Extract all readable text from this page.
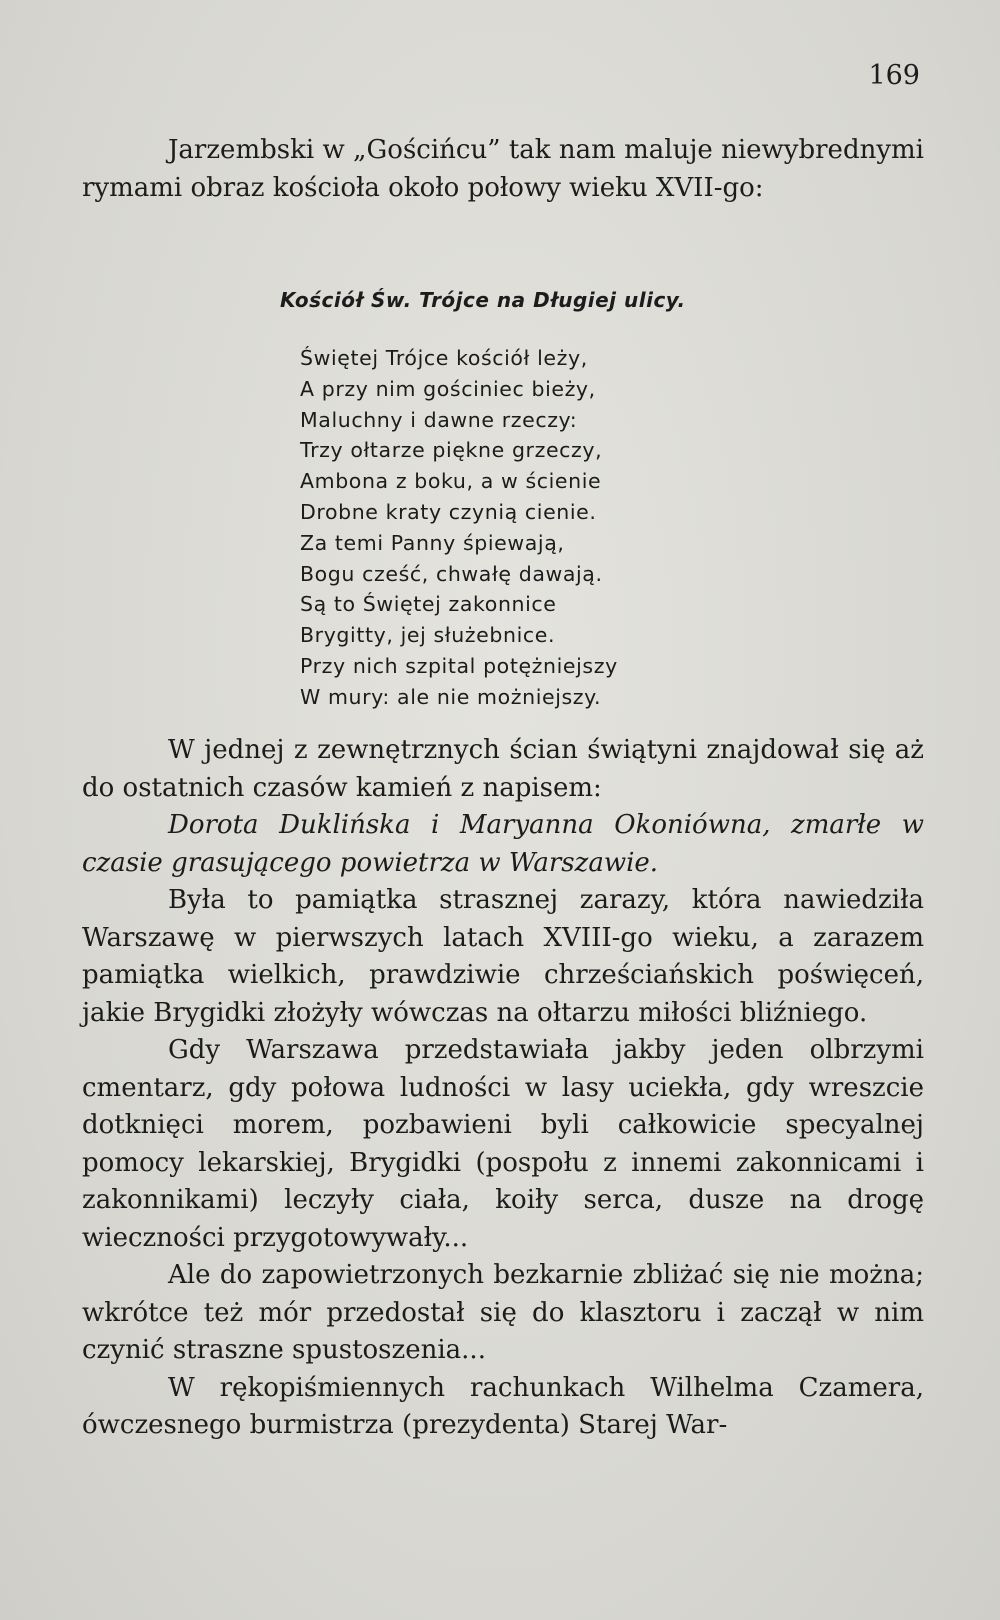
169

Jarzembski w „Gościńcu” tak nam maluje niewybrednymi rymami obraz kościoła około połowy wieku XVII-go:

Kościół Św. Trójce na Długiej ulicy.
Świętej Trójce kościół leży,
A przy nim gościniec bieży,
Maluchny i dawne rzeczy:
Trzy ołtarze piękne grzeczy,
Ambona z boku, a w ścienie
Drobne kraty czynią cienie.
Za temi Panny śpiewają,
Bogu cześć, chwałę dawają.
Są to Świętej zakonnice
Brygitty, jej służebnice.
Przy nich szpital potężniejszy
W mury: ale nie możniejszy.

W jednej z zewnętrznych ścian świątyni znajdował się aż do ostatnich czasów kamień z napisem:

Dorota Duklińska i Maryanna Okoniówna, zmarłe w czasie grasującego powietrza w Warszawie.

Była to pamiątka strasznej zarazy, która nawiedziła Warszawę w pierwszych latach XVIII-go wieku, a zarazem pamiątka wielkich, prawdziwie chrześciańskich poświęceń, jakie Brygidki złożyły wówczas na ołtarzu miłości bliźniego.

Gdy Warszawa przedstawiała jakby jeden olbrzymi cmentarz, gdy połowa ludności w lasy uciekła, gdy wreszcie dotknięci morem, pozbawieni byli całkowicie specyalnej pomocy lekarskiej, Brygidki (pospołu z innemi zakonnicami i zakonnikami) leczyły ciała, koiły serca, dusze na drogę wieczności przygotowywały...

Ale do zapowietrzonych bezkarnie zbliżać się nie można; wkrótce też mór przedostał się do klasztoru i zaczął w nim czynić straszne spustoszenia...

W rękopiśmiennych rachunkach Wilhelma Czamera, ówczesnego burmistrza (prezydenta) Starej War-
